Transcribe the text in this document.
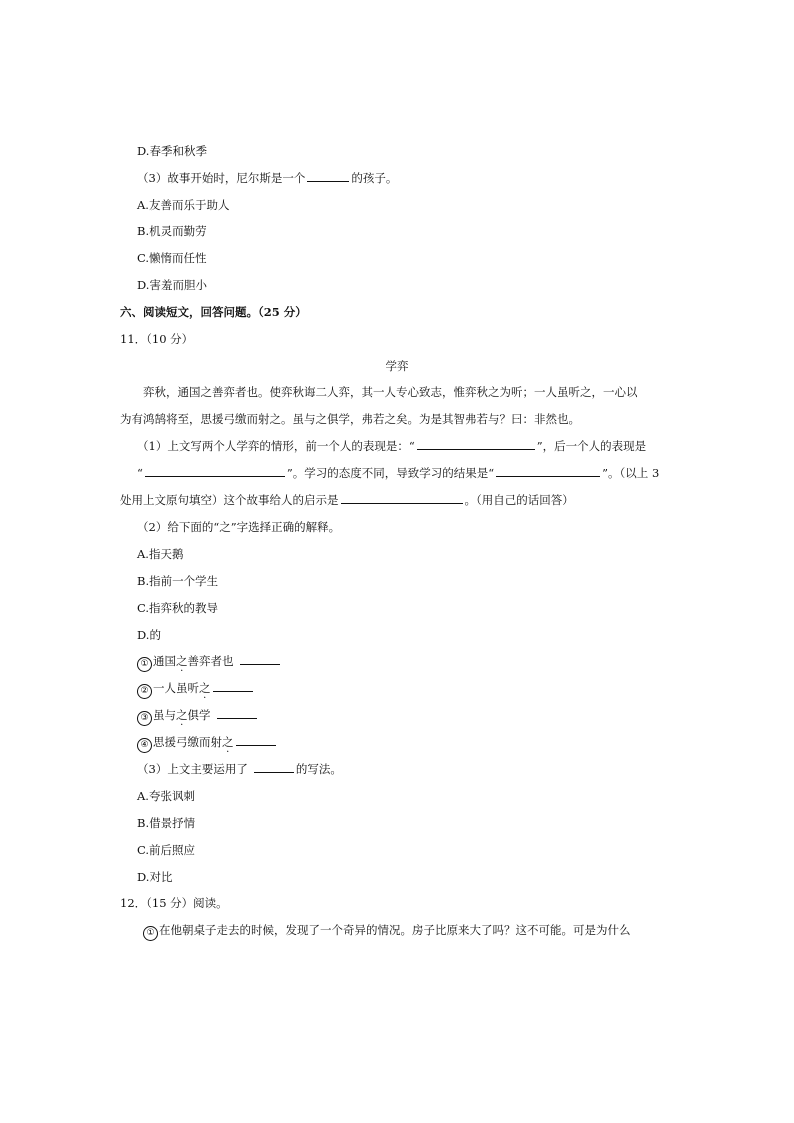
D.春季和秋季
（3）故事开始时，尼尔斯是一个	的孩子。
A.友善而乐于助人
B.机灵而勤劳
C.懒惰而任性
D.害羞而胆小
六、阅读短文，回答问题。（25 分）
11．（10 分）
学弈
弈秋，通国之善弈者也。使弈秋诲二人弈，其一人专心致志，惟弈秋之为听；一人虽听之，一心以
为有鸿鹄将至，思援弓缴而射之。虽与之俱学，弗若之矣。为是其智弗若与？曰：非然也。
（1）上文写两个人学弈的情形，前一个人的表现是：“	”，后一个人的表现是
“	”。学习的态度不同，导致学习的结果是“	”。（以上 3
处用上文原句填空）这个故事给人的启示是	。（用自己的话回答）
（2）给下面的“之”字选择正确的解释。
A.指天鹅
B.指前一个学生
C.指弈秋的教导
D.的
① 通国之善弈者也
② 一人虽听之
③ 虽与之俱学
④ 思援弓缴而射之
（3）上文主要运用了	的写法。
A.夸张讽刺
B.借景抒情
C.前后照应
D.对比
12．（15 分）阅读。
① 在他朝桌子走去的时候，发现了一个奇异的情况。房子比原来大了吗？这不可能。可是为什么
